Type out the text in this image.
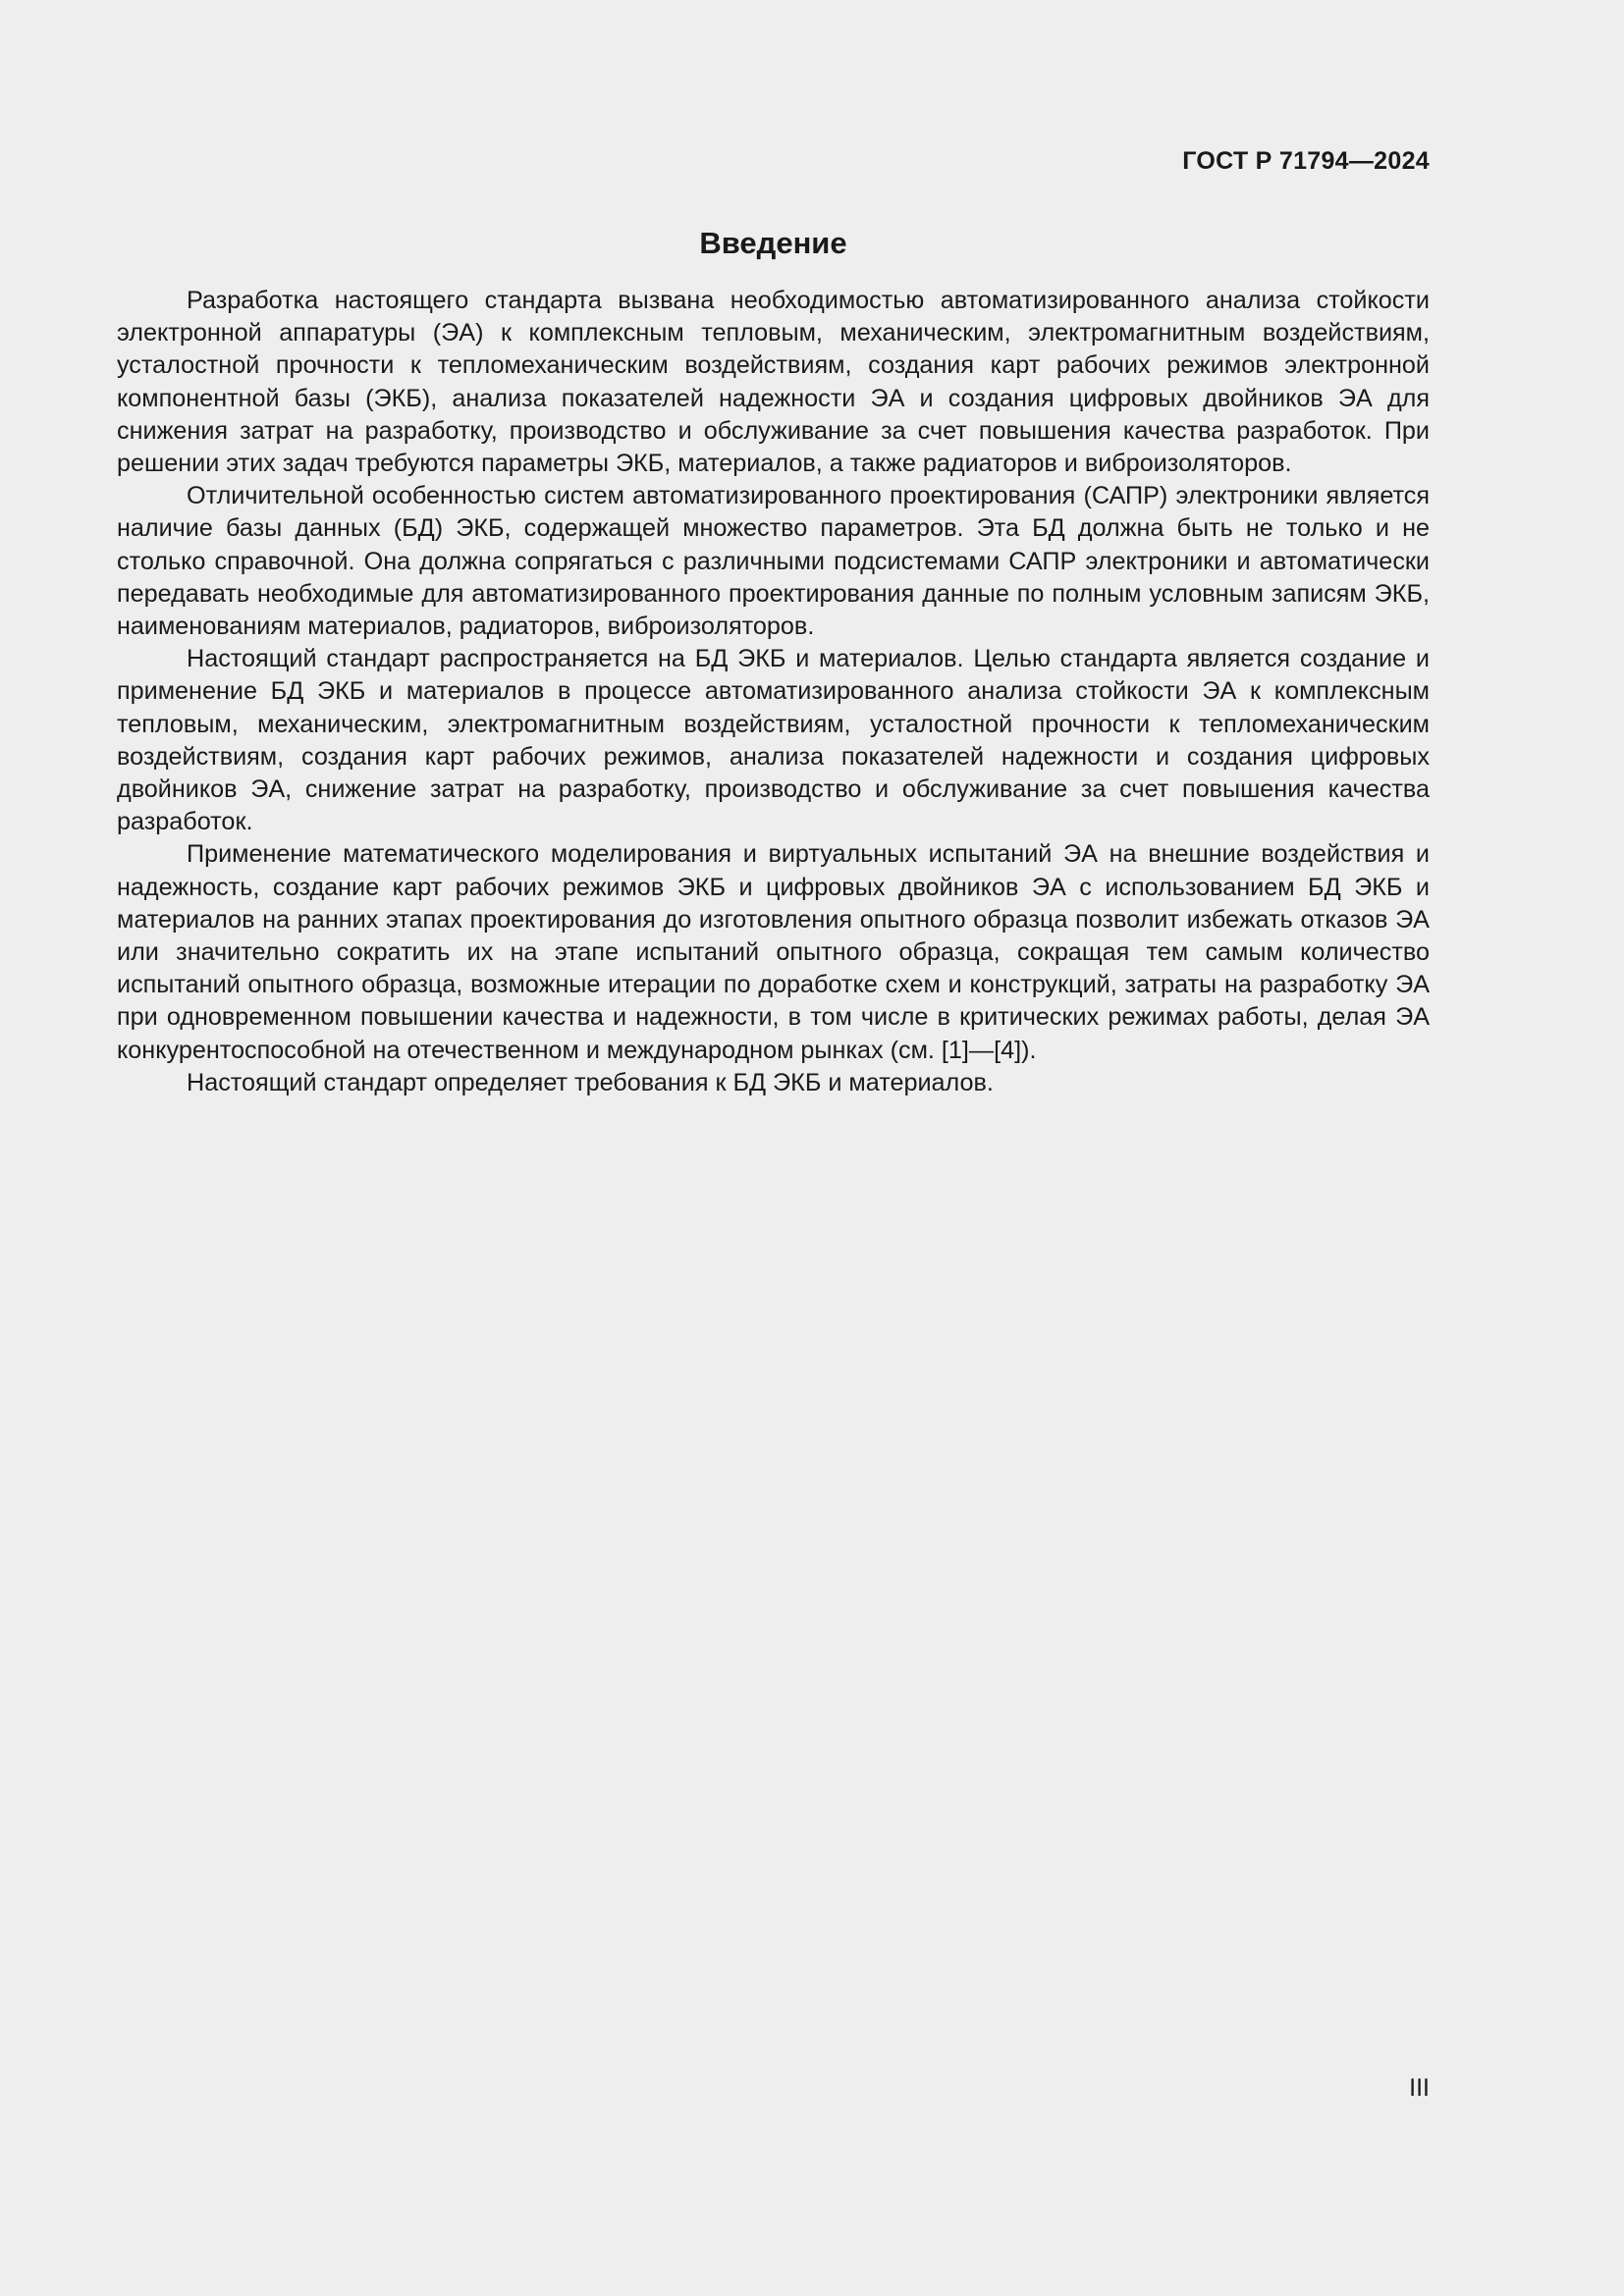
ГОСТ Р 71794—2024
Введение

Разработка настоящего стандарта вызвана необходимостью автоматизированного анализа стойкости электронной аппаратуры (ЭА) к комплексным тепловым, механическим, электромагнитным воздействиям, усталостной прочности к тепломеханическим воздействиям, создания карт рабочих режимов электронной компонентной базы (ЭКБ), анализа показателей надежности ЭА и создания цифровых двойников ЭА для снижения затрат на разработку, производство и обслуживание за счет повышения качества разработок. При решении этих задач требуются параметры ЭКБ, материалов, а также радиаторов и виброизоляторов.

Отличительной особенностью систем автоматизированного проектирования (САПР) электроники является наличие базы данных (БД) ЭКБ, содержащей множество параметров. Эта БД должна быть не только и не столько справочной. Она должна сопрягаться с различными подсистемами САПР электроники и автоматически передавать необходимые для автоматизированного проектирования данные по полным условным записям ЭКБ, наименованиям материалов, радиаторов, виброизоляторов.

Настоящий стандарт распространяется на БД ЭКБ и материалов. Целью стандарта является создание и применение БД ЭКБ и материалов в процессе автоматизированного анализа стойкости ЭА к комплексным тепловым, механическим, электромагнитным воздействиям, усталостной прочности к тепломеханическим воздействиям, создания карт рабочих режимов, анализа показателей надежности и создания цифровых двойников ЭА, снижение затрат на разработку, производство и обслуживание за счет повышения качества разработок.

Применение математического моделирования и виртуальных испытаний ЭА на внешние воздействия и надежность, создание карт рабочих режимов ЭКБ и цифровых двойников ЭА с использованием БД ЭКБ и материалов на ранних этапах проектирования до изготовления опытного образца позволит избежать отказов ЭА или значительно сократить их на этапе испытаний опытного образца, сокращая тем самым количество испытаний опытного образца, возможные итерации по доработке схем и конструкций, затраты на разработку ЭА при одновременном повышении качества и надежности, в том числе в критических режимах работы, делая ЭА конкурентоспособной на отечественном и международном рынках (см. [1]—[4]).

Настоящий стандарт определяет требования к БД ЭКБ и материалов.

III
